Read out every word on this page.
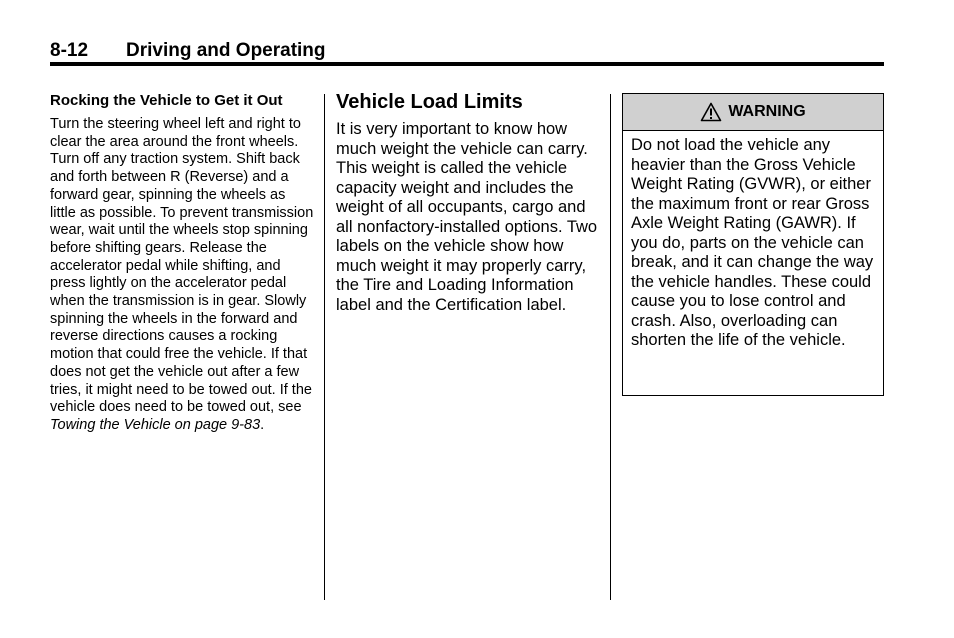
8-12 Driving and Operating
Rocking the Vehicle to Get it Out

Turn the steering wheel left and right to clear the area around the front wheels. Turn off any traction system. Shift back and forth between R (Reverse) and a forward gear, spinning the wheels as little as possible. To prevent transmission wear, wait until the wheels stop spinning before shifting gears. Release the accelerator pedal while shifting, and press lightly on the accelerator pedal when the transmission is in gear. Slowly spinning the wheels in the forward and reverse directions causes a rocking motion that could free the vehicle. If that does not get the vehicle out after a few tries, it might need to be towed out. If the vehicle does need to be towed out, see Towing the Vehicle on page 9-83.

Vehicle Load Limits

It is very important to know how much weight the vehicle can carry. This weight is called the vehicle capacity weight and includes the weight of all occupants, cargo and all nonfactory-installed options. Two labels on the vehicle show how much weight it may properly carry, the Tire and Loading Information label and the Certification label.

WARNING
Do not load the vehicle any heavier than the Gross Vehicle Weight Rating (GVWR), or either the maximum front or rear Gross Axle Weight Rating (GAWR). If you do, parts on the vehicle can break, and it can change the way the vehicle handles. These could cause you to lose control and crash. Also, overloading can shorten the life of the vehicle.
